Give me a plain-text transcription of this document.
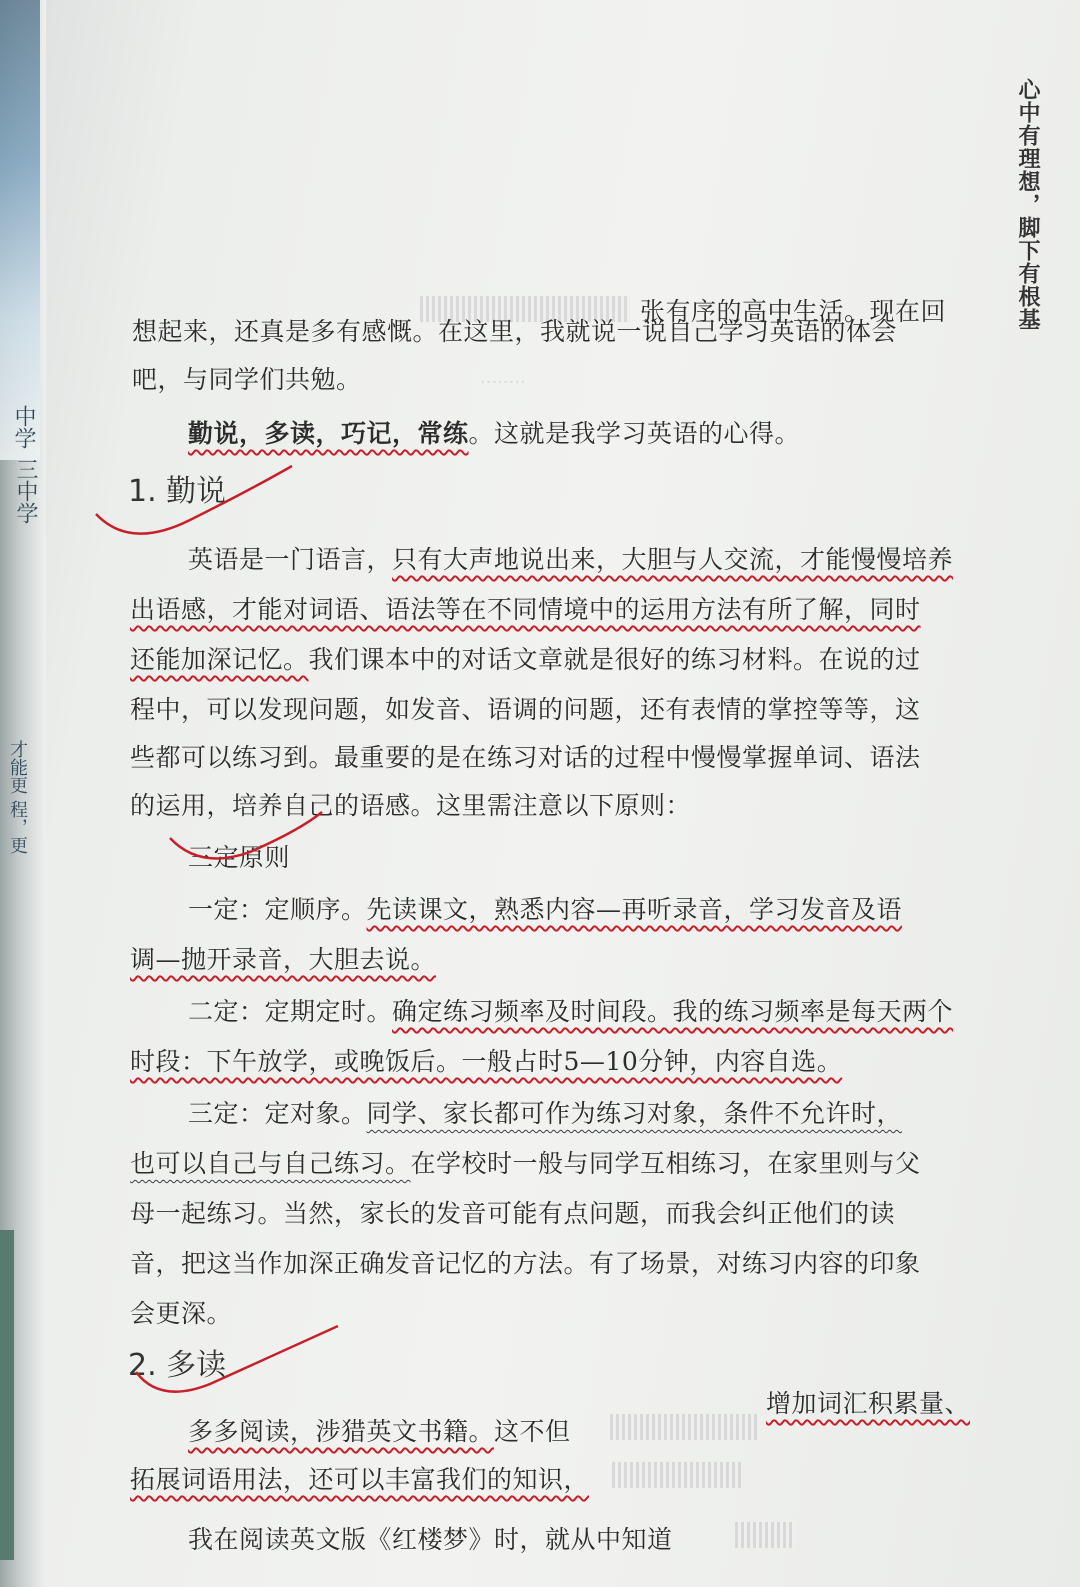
中学
三中学
才能更
程，更
心中有理想，脚下有根基
········
张有序的高中生活。现在回
想起来，还真是多有感慨。在这里，我就说一说自己学习英语的体会
吧，与同学们共勉。
勤说，多读，巧记，常练。这就是我学习英语的心得。
1. 勤说
英语是一门语言，只有大声地说出来，大胆与人交流，才能慢慢培养
出语感，才能对词语、语法等在不同情境中的运用方法有所了解，同时
还能加深记忆。我们课本中的对话文章就是很好的练习材料。在说的过
程中，可以发现问题，如发音、语调的问题，还有表情的掌控等等，这
些都可以练习到。最重要的是在练习对话的过程中慢慢掌握单词、语法
的运用，培养自己的语感。这里需注意以下原则：
三定原则
一定：定顺序。先读课文，熟悉内容—再听录音，学习发音及语
调—抛开录音，大胆去说。
二定：定期定时。确定练习频率及时间段。我的练习频率是每天两个
时段：下午放学，或晚饭后。一般占时5—10分钟，内容自选。
三定：定对象。同学、家长都可作为练习对象，条件不允许时，
也可以自己与自己练习。在学校时一般与同学互相练习，在家里则与父
母一起练习。当然，家长的发音可能有点问题，而我会纠正他们的读
音，把这当作加深正确发音记忆的方法。有了场景，对练习内容的印象
会更深。
2. 多读
多多阅读，涉猎英文书籍。这不但
增加词汇积累量、
拓展词语用法，还可以丰富我们的知识，
我在阅读英文版《红楼梦》时，就从中知道
